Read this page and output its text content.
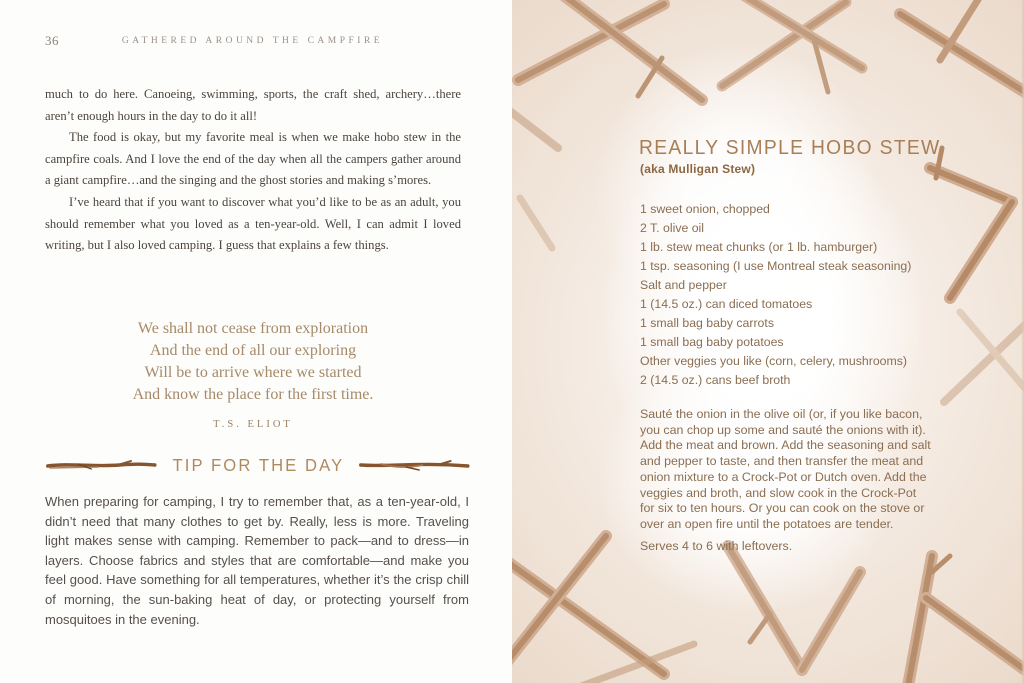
36	GATHERED AROUND THE CAMPFIRE

much to do here. Canoeing, swimming, sports, the craft shed, archery…there aren’t enough hours in the day to do it all!

The food is okay, but my favorite meal is when we make hobo stew in the campfire coals. And I love the end of the day when all the campers gather around a giant campfire…and the singing and the ghost stories and making s’mores.

I’ve heard that if you want to discover what you’d like to be as an adult, you should remember what you loved as a ten-year-old. Well, I can admit I loved writing, but I also loved camping. I guess that explains a few things.

We shall not cease from exploration
And the end of all our exploring
Will be to arrive where we started
And know the place for the first time.
T.S. ELIOT
TIP FOR THE DAY
When preparing for camping, I try to remember that, as a ten-year-old, I didn’t need that many clothes to get by. Really, less is more. Traveling light makes sense with camping. Remember to pack—and to dress—in layers. Choose fabrics and styles that are comfortable—and make you feel good. Have something for all temperatures, whether it’s the crisp chill of morning, the sun-baking heat of day, or protecting yourself from mosquitoes in the evening.
REALLY SIMPLE HOBO STEW
(aka Mulligan Stew)
1 sweet onion, chopped
2 T. olive oil
1 lb. stew meat chunks (or 1 lb. hamburger)
1 tsp. seasoning (I use Montreal steak seasoning)
Salt and pepper
1 (14.5 oz.) can diced tomatoes
1 small bag baby carrots
1 small bag baby potatoes
Other veggies you like (corn, celery, mushrooms)
2 (14.5 oz.) cans beef broth
Sauté the onion in the olive oil (or, if you like bacon, you can chop up some and sauté the onions with it). Add the meat and brown. Add the seasoning and salt and pepper to taste, and then transfer the meat and onion mixture to a Crock-Pot or Dutch oven. Add the veggies and broth, and slow cook in the Crock-Pot for six to ten hours. Or you can cook on the stove or over an open fire until the potatoes are tender.
Serves 4 to 6 with leftovers.
